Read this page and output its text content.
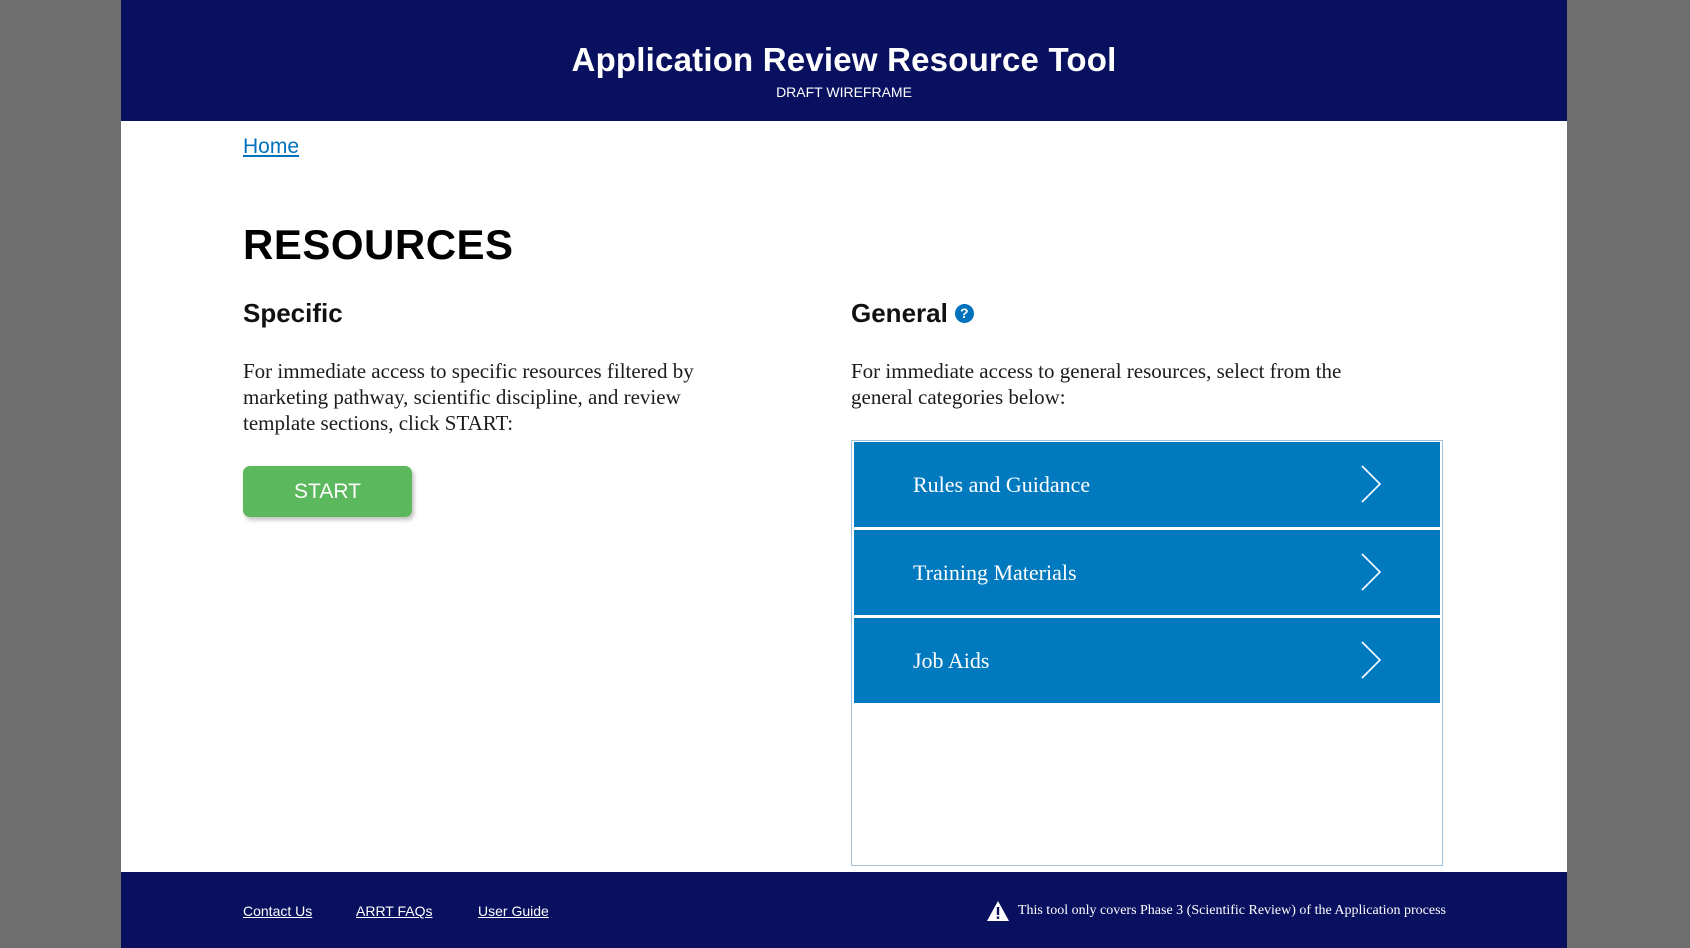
Application Review Resource Tool
DRAFT WIREFRAME
Home
RESOURCES
Specific

For immediate access to specific resources filtered by marketing pathway, scientific discipline, and review template sections, click START:

START
General ?

For immediate access to general resources, select from the general categories below:

Rules and Guidance
Training Materials
Job Aids
Contact Us	ARRT FAQs	User Guide	This tool only covers Phase 3 (Scientific Review) of the Application process
